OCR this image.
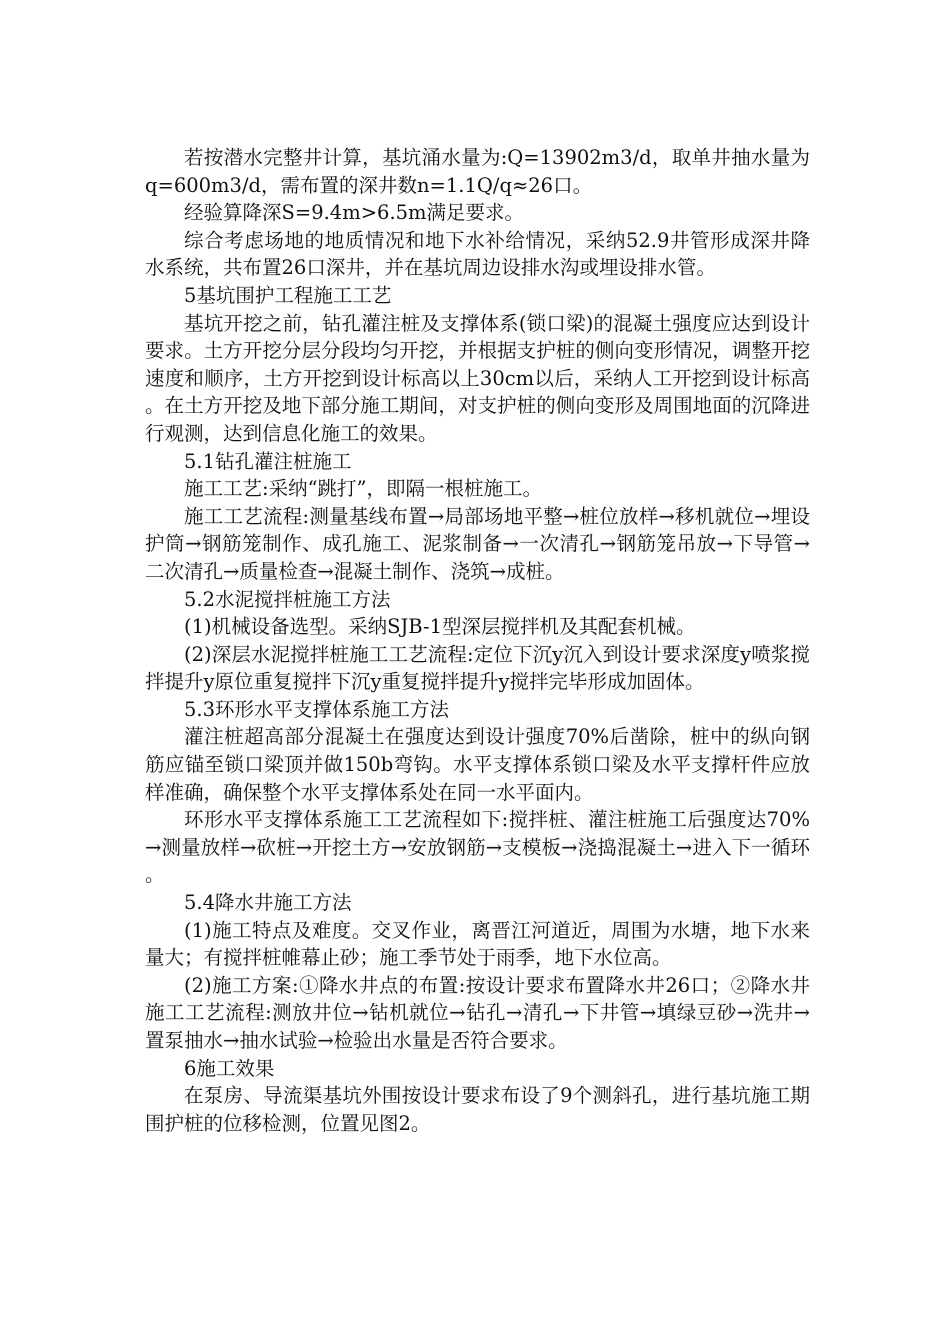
若按潜水完整井计算，基坑涌水量为:Q=13902m3/d，取单井抽水量为q=600m3/d，需布置的深井数n=1.1Q/q≈26口。

经验算降深S=9.4m>6.5m满足要求。

综合考虑场地的地质情况和地下水补给情况，采纳52.9井管形成深井降水系统，共布置26口深井，并在基坑周边设排水沟或埋设排水管。

5基坑围护工程施工工艺

基坑开挖之前，钻孔灌注桩及支撑体系(锁口梁)的混凝土强度应达到设计要求。土方开挖分层分段均匀开挖，并根据支护桩的侧向变形情况，调整开挖速度和顺序，土方开挖到设计标高以上30cm以后，采纳人工开挖到设计标高。在土方开挖及地下部分施工期间，对支护桩的侧向变形及周围地面的沉降进行观测，达到信息化施工的效果。

5.1钻孔灌注桩施工

施工工艺:采纳“跳打”，即隔一根桩施工。

施工工艺流程:测量基线布置→局部场地平整→桩位放样→移机就位→埋设护筒→钢筋笼制作、成孔施工、泥浆制备→一次清孔→钢筋笼吊放→下导管→二次清孔→质量检查→混凝土制作、浇筑→成桩。

5.2水泥搅拌桩施工方法

(1)机械设备选型。采纳SJB-1型深层搅拌机及其配套机械。

(2)深层水泥搅拌桩施工工艺流程:定位下沉y沉入到设计要求深度y喷浆搅拌提升y原位重复搅拌下沉y重复搅拌提升y搅拌完毕形成加固体。

5.3环形水平支撑体系施工方法

灌注桩超高部分混凝土在强度达到设计强度70%后凿除，桩中的纵向钢筋应锚至锁口梁顶并做150b弯钩。水平支撑体系锁口梁及水平支撑杆件应放样准确，确保整个水平支撑体系处在同一水平面内。

环形水平支撑体系施工工艺流程如下:搅拌桩、灌注桩施工后强度达70%→测量放样→砍桩→开挖土方→安放钢筋→支模板→浇捣混凝土→进入下一循环。

5.4降水井施工方法

(1)施工特点及难度。交叉作业，离晋江河道近，周围为水塘，地下水来量大；有搅拌桩帷幕止砂；施工季节处于雨季，地下水位高。

(2)施工方案:①降水井点的布置:按设计要求布置降水井26口；②降水井施工工艺流程:测放井位→钻机就位→钻孔→清孔→下井管→填绿豆砂→洗井→置泵抽水→抽水试验→检验出水量是否符合要求。

6施工效果

在泵房、导流渠基坑外围按设计要求布设了9个测斜孔，进行基坑施工期围护桩的位移检测，位置见图2。
